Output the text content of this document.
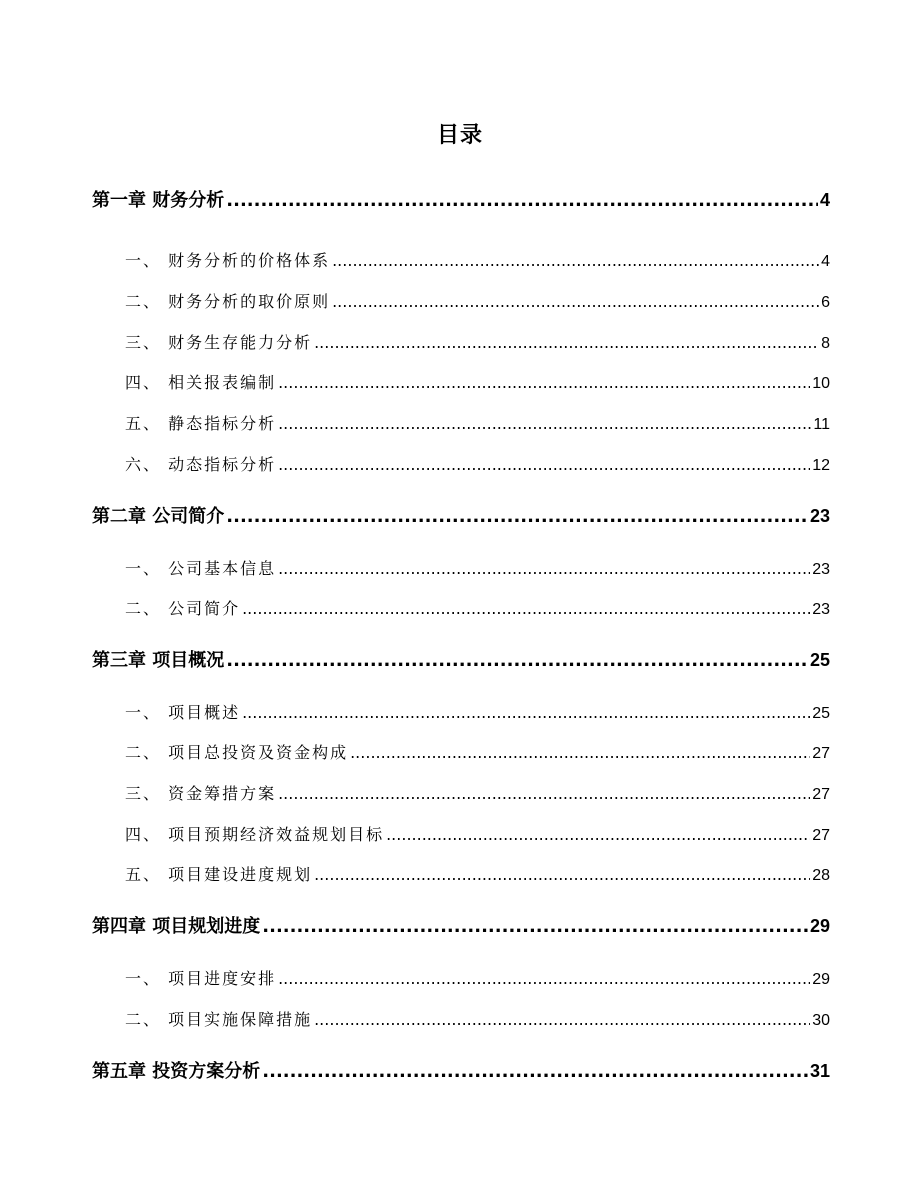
目录
第一章 财务分析 .....	4
一、 财务分析的价格体系 .....	4
二、 财务分析的取价原则 .....	6
三、 财务生存能力分析 .....	8
四、 相关报表编制 .....	10
五、 静态指标分析 .....	11
六、 动态指标分析 .....	12
第二章 公司简介 .....	23
一、 公司基本信息 .....	23
二、 公司简介 .....	23
第三章 项目概况 .....	25
一、 项目概述 .....	25
二、 项目总投资及资金构成 .....	27
三、 资金筹措方案 .....	27
四、 项目预期经济效益规划目标 .....	27
五、 项目建设进度规划 .....	28
第四章 项目规划进度 .....	29
一、 项目进度安排 .....	29
二、 项目实施保障措施 .....	30
第五章 投资方案分析 .....	31
